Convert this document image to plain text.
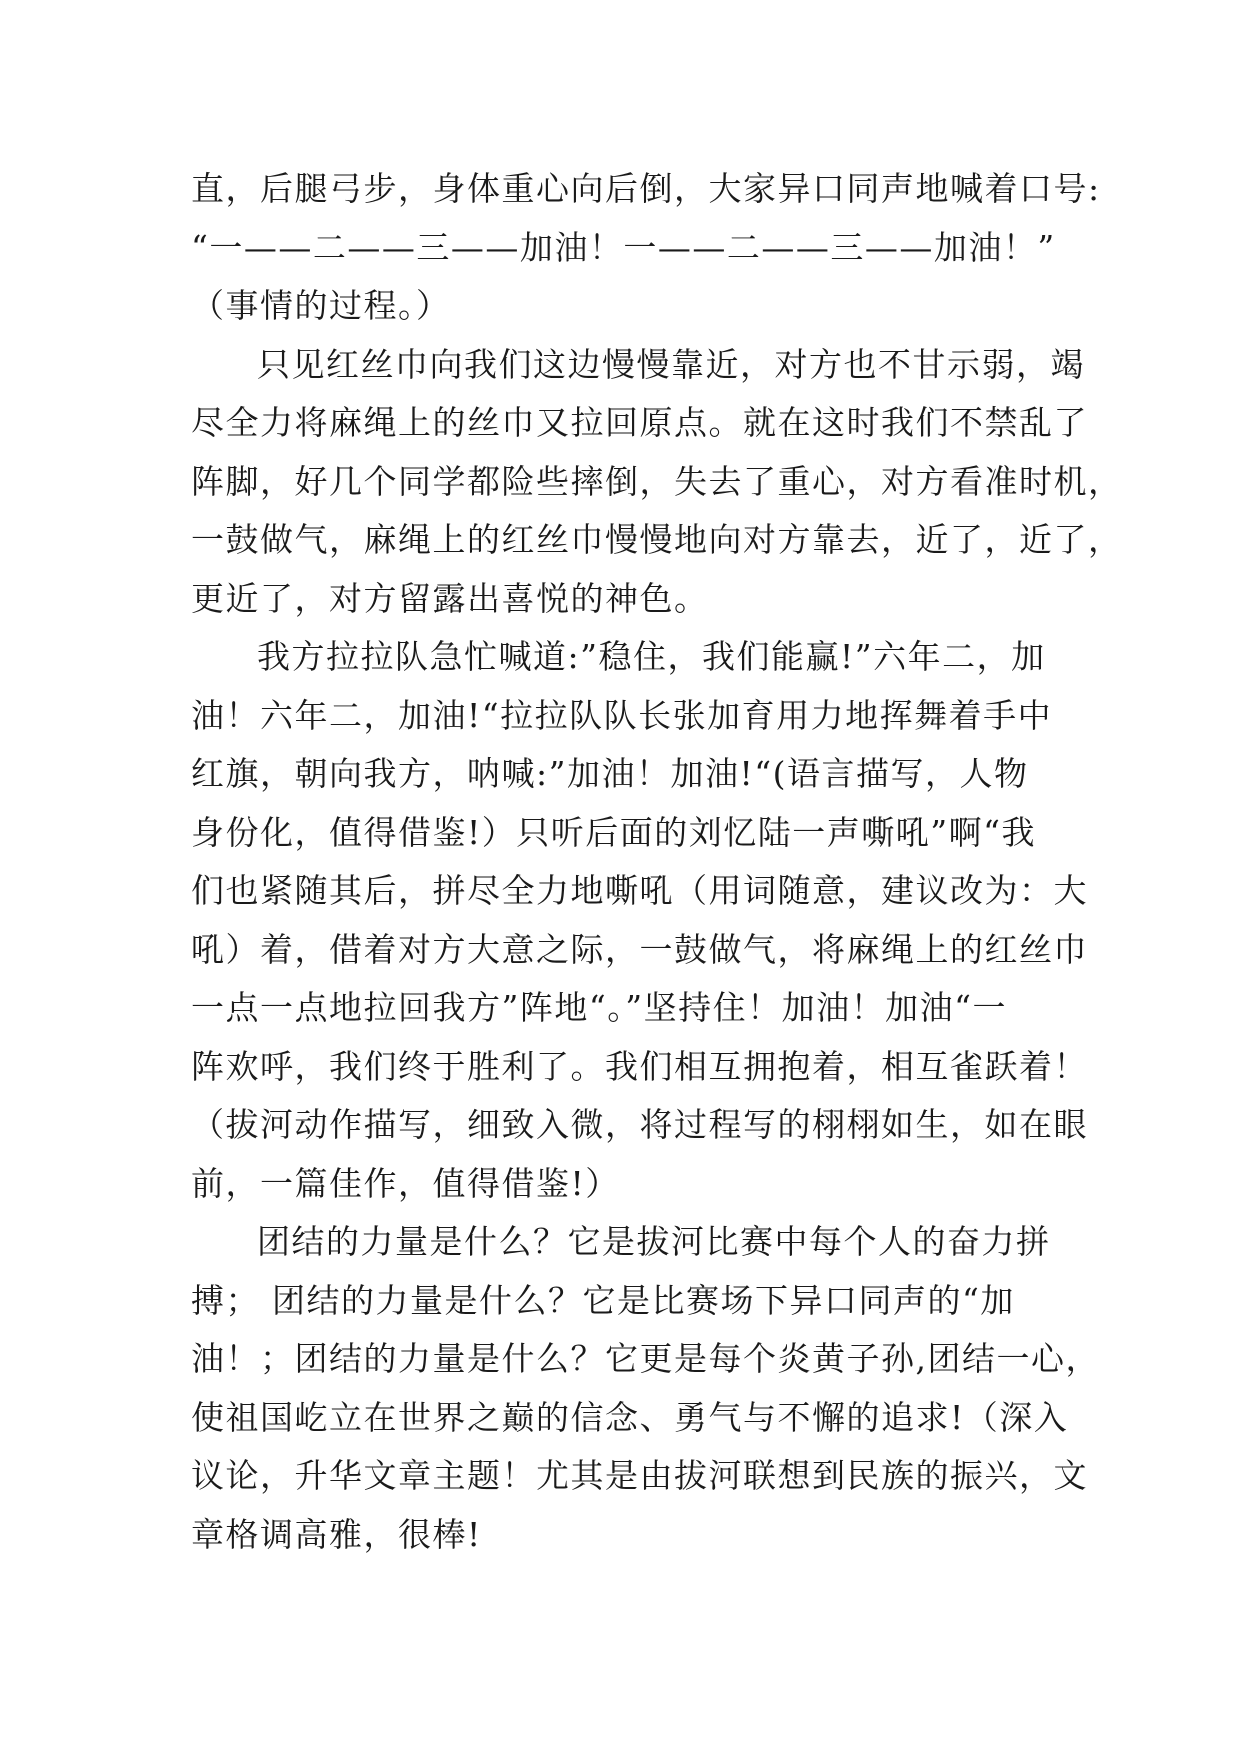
直，后腿弓步，身体重心向后倒，大家异口同声地喊着口号:
“一——二——三——加油！一——二——三——加油！”
（事情的过程。）
只见红丝巾向我们这边慢慢靠近，对方也不甘示弱，竭
尽全力将麻绳上的丝巾又拉回原点。就在这时我们不禁乱了
阵脚，好几个同学都险些摔倒，失去了重心，对方看准时机，
一鼓做气，麻绳上的红丝巾慢慢地向对方靠去，近了，近了，
更近了，对方留露出喜悦的神色。
我方拉拉队急忙喊道:”稳住，我们能赢!”六年二，加
油！六年二，加油!“拉拉队队长张加育用力地挥舞着手中
红旗，朝向我方，呐喊:”加油！加油!“(语言描写，人物
身份化，值得借鉴!）只听后面的刘忆陆一声嘶吼”啊“我
们也紧随其后，拼尽全力地嘶吼（用词随意，建议改为：大
吼）着，借着对方大意之际，一鼓做气，将麻绳上的红丝巾
一点一点地拉回我方”阵地“。”坚持住！加油！加油“一
阵欢呼，我们终于胜利了。我们相互拥抱着，相互雀跃着！
（拔河动作描写，细致入微，将过程写的栩栩如生，如在眼
前，一篇佳作，值得借鉴!）
团结的力量是什么？它是拔河比赛中每个人的奋力拼
搏； 团结的力量是什么？它是比赛场下异口同声的“加
油！；团结的力量是什么？它更是每个炎黄子孙,团结一心，
使祖国屹立在世界之巅的信念、勇气与不懈的追求!（深入
议论，升华文章主题！尤其是由拔河联想到民族的振兴，文
章格调高雅，很棒!
